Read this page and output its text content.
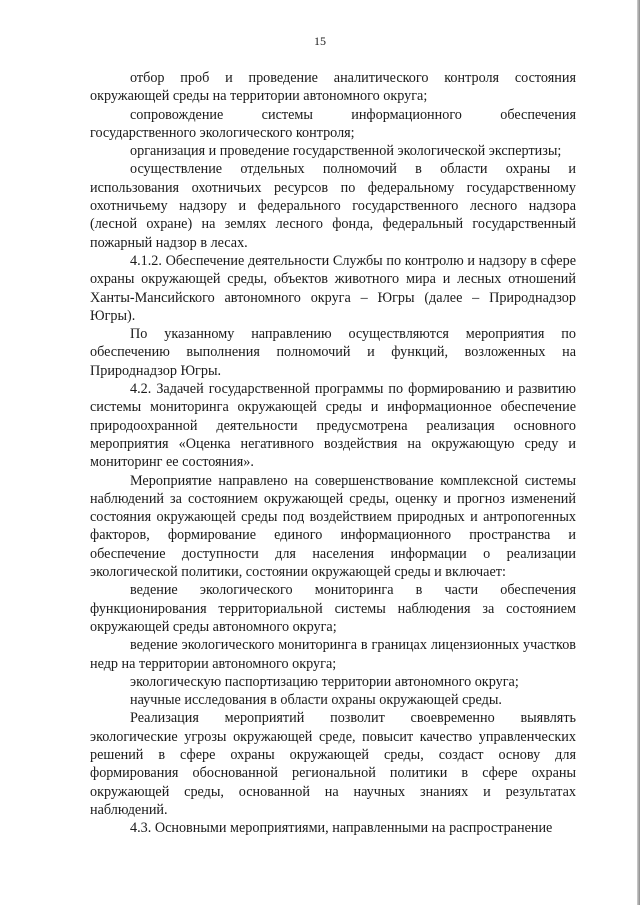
15

отбор проб и проведение аналитического контроля состояния окружающей среды на территории автономного округа;

сопровождение системы информационного обеспечения государственного экологического контроля;

организация и проведение государственной экологической экспертизы;

осуществление отдельных полномочий в области охраны и использования охотничьих ресурсов по федеральному государственному охотничьему надзору и федерального государственного лесного надзора (лесной охране) на землях лесного фонда, федеральный государственный пожарный надзор в лесах.

4.1.2. Обеспечение деятельности Службы по контролю и надзору в сфере охраны окружающей среды, объектов животного мира и лесных отношений Ханты-Мансийского автономного округа – Югры (далее – Природнадзор Югры).

По указанному направлению осуществляются мероприятия по обеспечению выполнения полномочий и функций, возложенных на Природнадзор Югры.

4.2. Задачей государственной программы по формированию и развитию системы мониторинга окружающей среды и информационное обеспечение природоохранной деятельности предусмотрена реализация основного мероприятия «Оценка негативного воздействия на окружающую среду и мониторинг ее состояния».

Мероприятие направлено на совершенствование комплексной системы наблюдений за состоянием окружающей среды, оценку и прогноз изменений состояния окружающей среды под воздействием природных и антропогенных факторов, формирование единого информационного пространства и обеспечение доступности для населения информации о реализации экологической политики, состоянии окружающей среды и включает:

ведение экологического мониторинга в части обеспечения функционирования территориальной системы наблюдения за состоянием окружающей среды автономного округа;

ведение экологического мониторинга в границах лицензионных участков недр на территории автономного округа;

экологическую паспортизацию территории автономного округа;

научные исследования в области охраны окружающей среды.

Реализация мероприятий позволит своевременно выявлять экологические угрозы окружающей среде, повысит качество управленческих решений в сфере охраны окружающей среды, создаст основу для формирования обоснованной региональной политики в сфере охраны окружающей среды, основанной на научных знаниях и результатах наблюдений.

4.3. Основными мероприятиями, направленными на распространение
